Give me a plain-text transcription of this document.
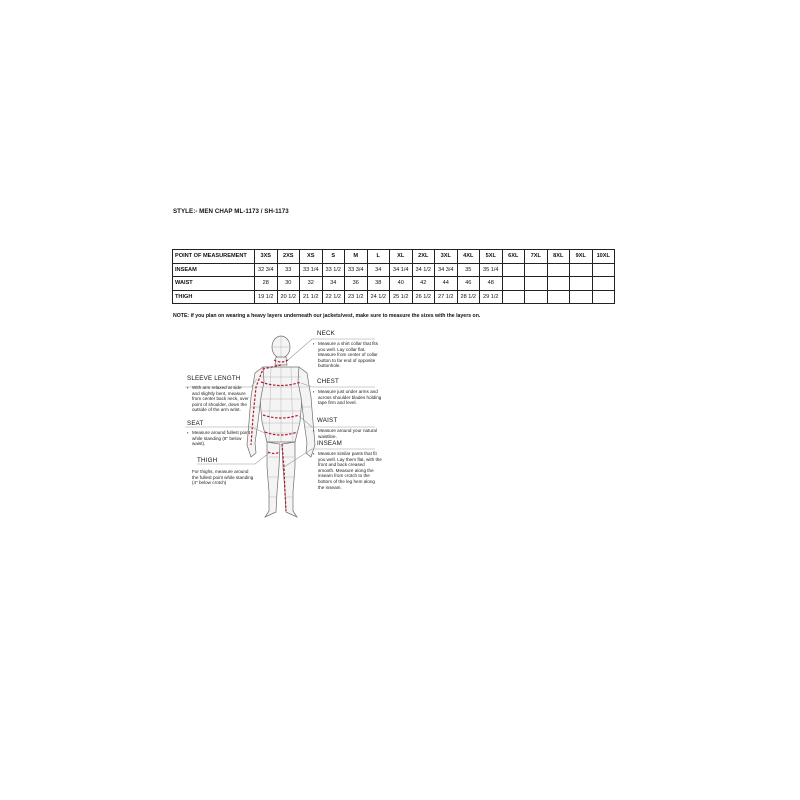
STYLE:- MEN CHAP ML-1173 / SH-1173
POINT OF MEASUREMENT	3XS	2XS	XS	S	M	L	XL	2XL	3XL	4XL	5XL	6XL	7XL	8XL	9XL	10XL
INSEAM	32 3/4	33	33 1/4	33 1/2	33 3/4	34	34 1/4	34 1/2	34 3/4	35	35 1/4					
WAIST	28	30	32	34	36	38	40	42	44	46	48					
THIGH	19 1/2	20 1/2	21 1/2	22 1/2	23 1/2	24 1/2	25 1/2	26 1/2	27 1/2	28 1/2	29 1/2					
NOTE: if you plan on wearing a heavy layers underneath our jackets/vest, make sure to measure the sizes with the layers on.
NECK
▪ Measure a shirt collar that fits you well. Lay collar flat. Measure from center of collar button to far end of opposite buttonhole.
CHEST
▪ Measure just under arms and across shoulder blades holding tape firm and level.
WAIST
▪ Measure around your natural waistline.
INSEAM
▪ Measure similar pants that fit you well. Lay them flat, with the front and back creased smooth. Measure along the inseam from crotch to the bottom of the leg hem along the inseam.
SLEEVE LENGTH
▪ With arm relaxed at side and slightly bent, measure from center back neck, over point of shoulder, down the outside of the arm wrist.
SEAT
▪ Measure around fullest point while standing (8" below waist).
THIGH
For thighs, measure around the fullest point while standing (4" below crotch)
